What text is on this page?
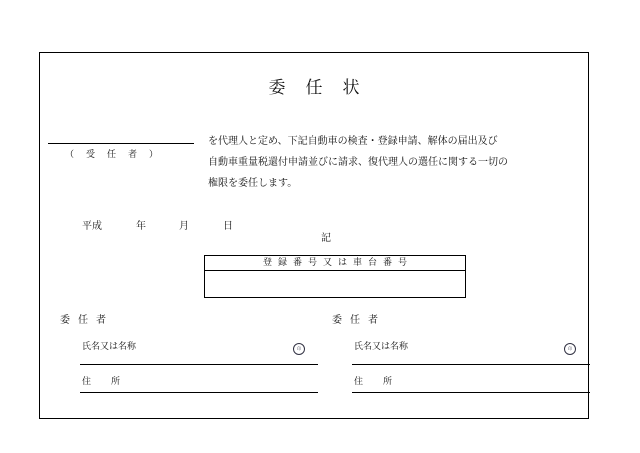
委任状
（受任者）
を代理人と定め、下記自動車の検査・登録申請、解体の届出及び
自動車重量税還付申請並びに請求、復代理人の選任に関する一切の
権限を委任します。
平成	年	月	日
記
登録番号又は車台番号
委任者
氏名又は名称	印
住所
委任者
氏名又は名称	印
住所
